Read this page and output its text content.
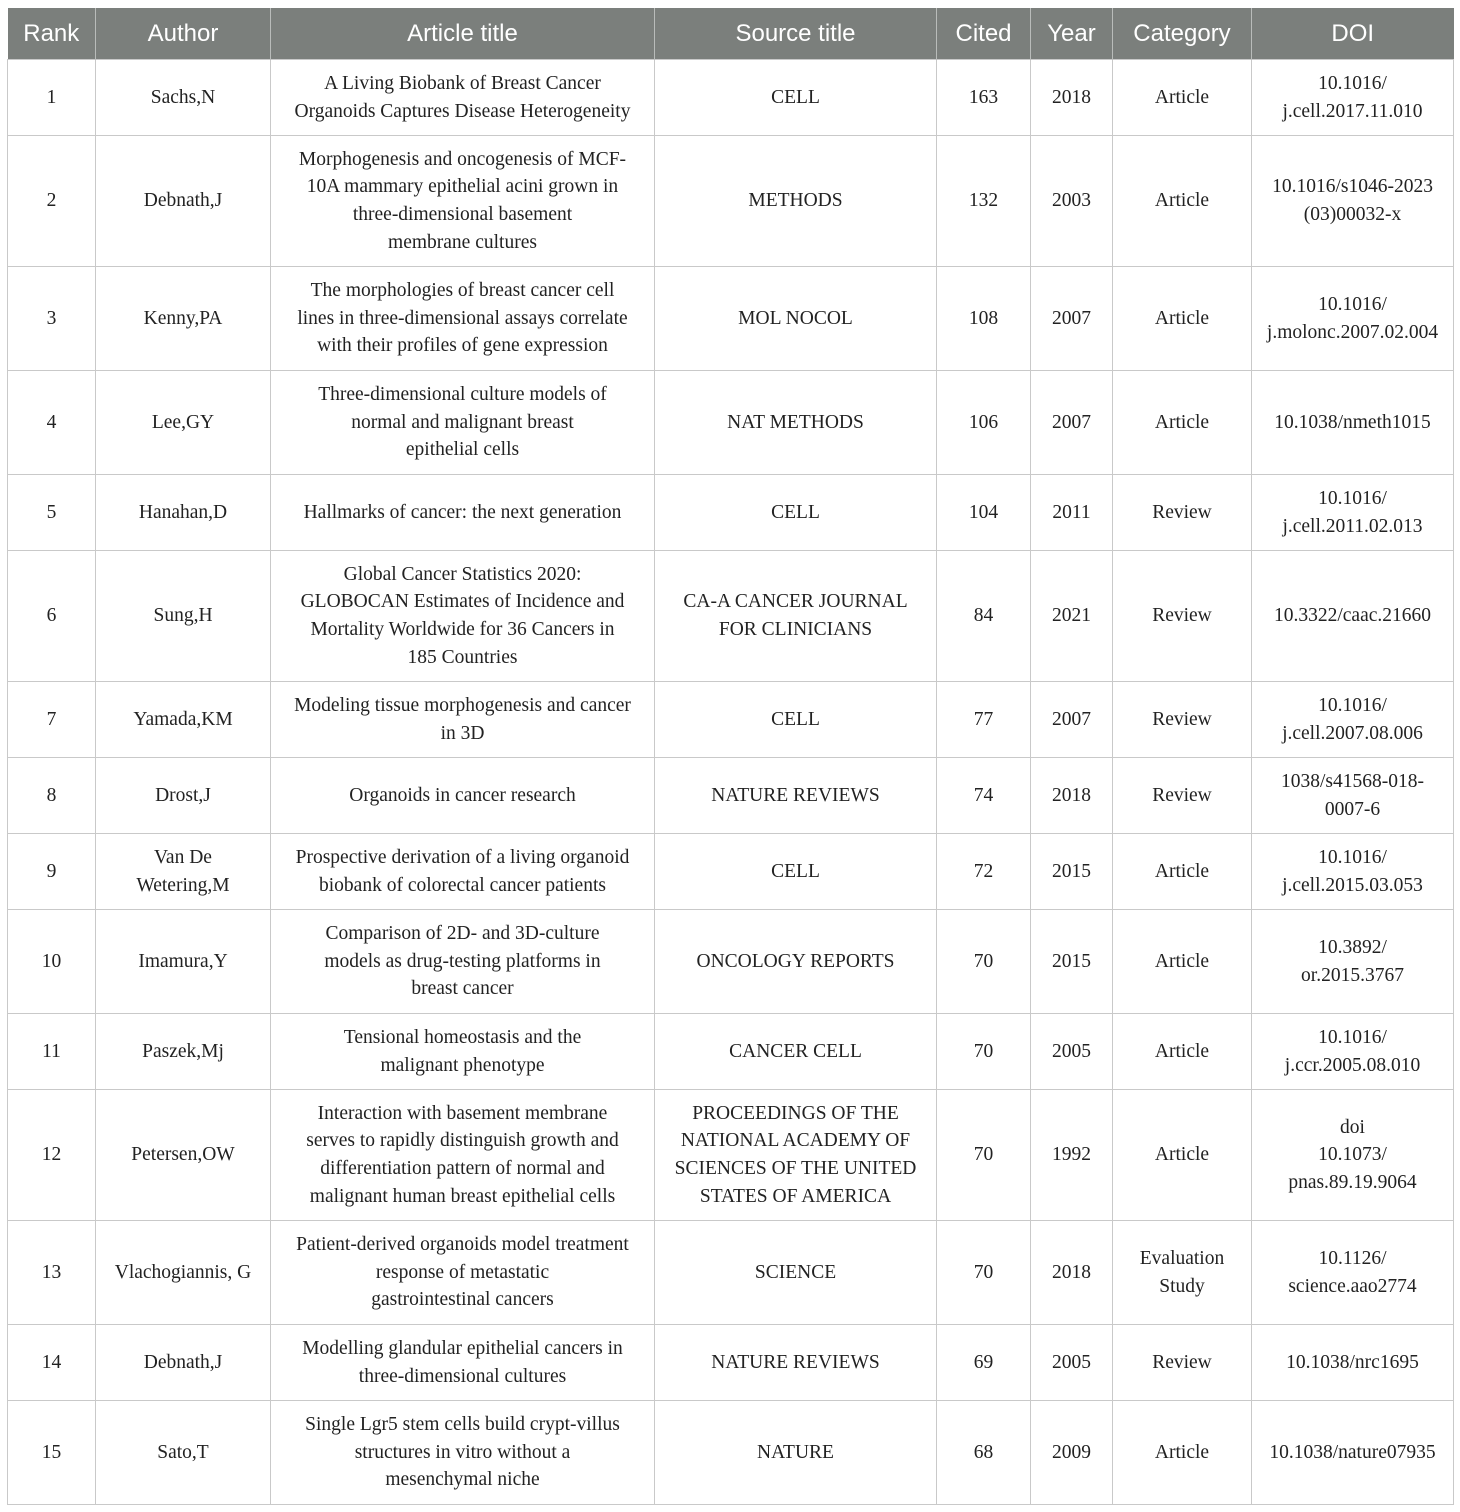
Rank	Author	Article title	Source title	Cited	Year	Category	DOI
1	Sachs,N	A Living Biobank of Breast Cancer
Organoids Captures Disease Heterogeneity	CELL	163	2018	Article	10.1016/
j.cell.2017.11.010
2	Debnath,J	Morphogenesis and oncogenesis of MCF-
10A mammary epithelial acini grown in
three-dimensional basement
membrane cultures	METHODS	132	2003	Article	10.1016/s1046-2023
(03)00032-x
3	Kenny,PA	The morphologies of breast cancer cell
lines in three-dimensional assays correlate
with their profiles of gene expression	MOL NOCOL	108	2007	Article	10.1016/
j.molonc.2007.02.004
4	Lee,GY	Three-dimensional culture models of
normal and malignant breast
epithelial cells	NAT METHODS	106	2007	Article	10.1038/nmeth1015
5	Hanahan,D	Hallmarks of cancer: the next generation	CELL	104	2011	Review	10.1016/
j.cell.2011.02.013
6	Sung,H	Global Cancer Statistics 2020:
GLOBOCAN Estimates of Incidence and
Mortality Worldwide for 36 Cancers in
185 Countries	CA-A CANCER JOURNAL
FOR CLINICIANS	84	2021	Review	10.3322/caac.21660
7	Yamada,KM	Modeling tissue morphogenesis and cancer
in 3D	CELL	77	2007	Review	10.1016/
j.cell.2007.08.006
8	Drost,J	Organoids in cancer research	NATURE REVIEWS	74	2018	Review	1038/s41568-018-
0007-6
9	Van De
Wetering,M	Prospective derivation of a living organoid
biobank of colorectal cancer patients	CELL	72	2015	Article	10.1016/
j.cell.2015.03.053
10	Imamura,Y	Comparison of 2D- and 3D-culture
models as drug-testing platforms in
breast cancer	ONCOLOGY REPORTS	70	2015	Article	10.3892/
or.2015.3767
11	Paszek,Mj	Tensional homeostasis and the
malignant phenotype	CANCER CELL	70	2005	Article	10.1016/
j.ccr.2005.08.010
12	Petersen,OW	Interaction with basement membrane
serves to rapidly distinguish growth and
differentiation pattern of normal and
malignant human breast epithelial cells	PROCEEDINGS OF THE
NATIONAL ACADEMY OF
SCIENCES OF THE UNITED
STATES OF AMERICA	70	1992	Article	doi
10.1073/
pnas.89.19.9064
13	Vlachogiannis, G	Patient-derived organoids model treatment
response of metastatic
gastrointestinal cancers	SCIENCE	70	2018	Evaluation
Study	10.1126/
science.aao2774
14	Debnath,J	Modelling glandular epithelial cancers in
three-dimensional cultures	NATURE REVIEWS	69	2005	Review	10.1038/nrc1695
15	Sato,T	Single Lgr5 stem cells build crypt-villus
structures in vitro without a
mesenchymal niche	NATURE	68	2009	Article	10.1038/nature07935
